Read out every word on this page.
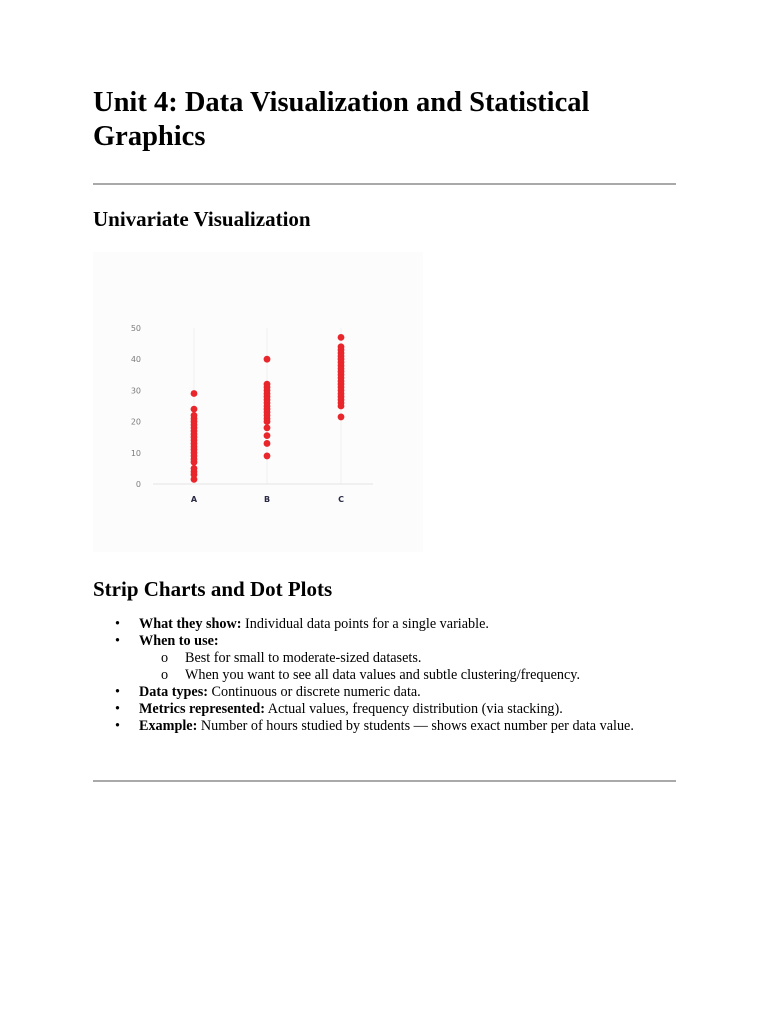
Unit 4: Data Visualization and Statistical Graphics
Univariate Visualization
0
10
20
30
40
50
A	B	C
Strip Charts and Dot Plots
• What they show: Individual data points for a single variable.
• When to use:
o Best for small to moderate-sized datasets.
o When you want to see all data values and subtle clustering/frequency.
• Data types: Continuous or discrete numeric data.
• Metrics represented: Actual values, frequency distribution (via stacking).
• Example: Number of hours studied by students — shows exact number per data value.
